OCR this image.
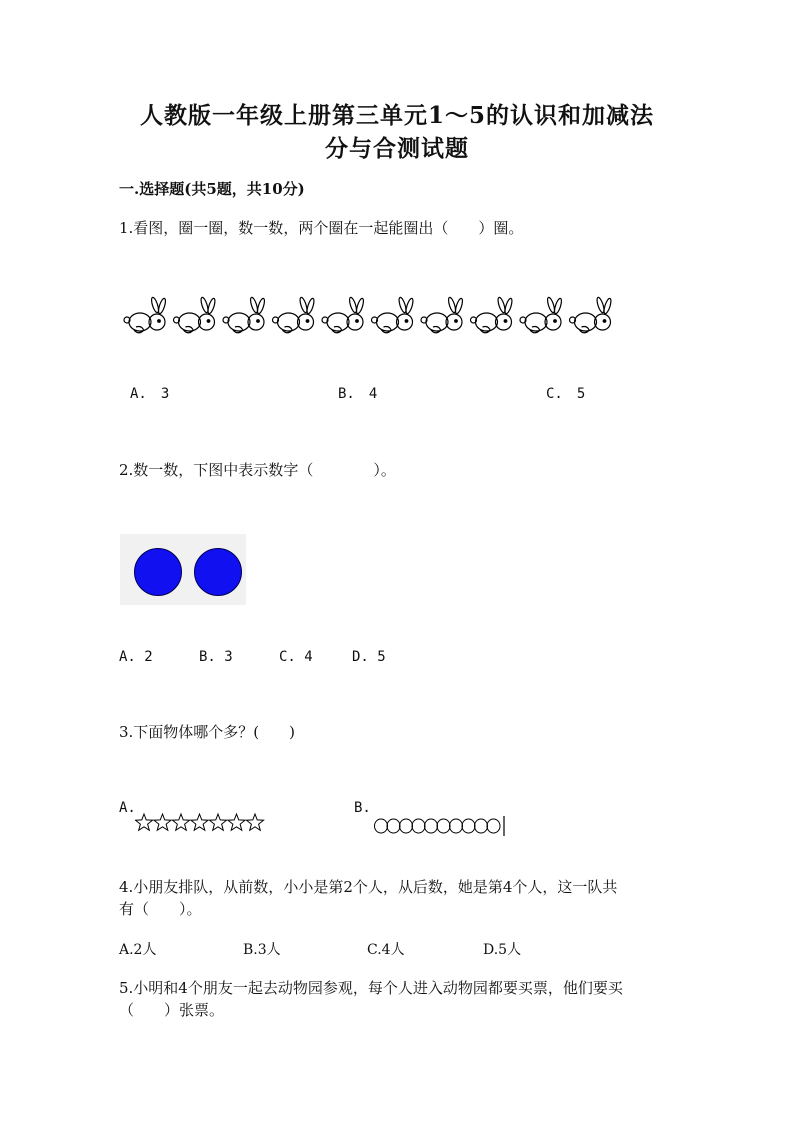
人教版一年级上册第三单元1～5的认识和加减法
分与合测试题
一.选择题(共5题，共10分)
1.看图，圈一圈，数一数，两个圈在一起能圈出（　　）圈。
A.　3	B.　4	C.　5
2.数一数，下图中表示数字（　　　　）。
A. 2	B. 3	C. 4	D. 5
3.下面物体哪个多？(　　)
A.	B.
4.小朋友排队，从前数，小小是第2个人，从后数，她是第4个人，这一队共
有（　　）。
A.2人	B.3人	C.4人	D.5人
5.小明和4个朋友一起去动物园参观，每个人进入动物园都要买票，他们要买
（　　）张票。
